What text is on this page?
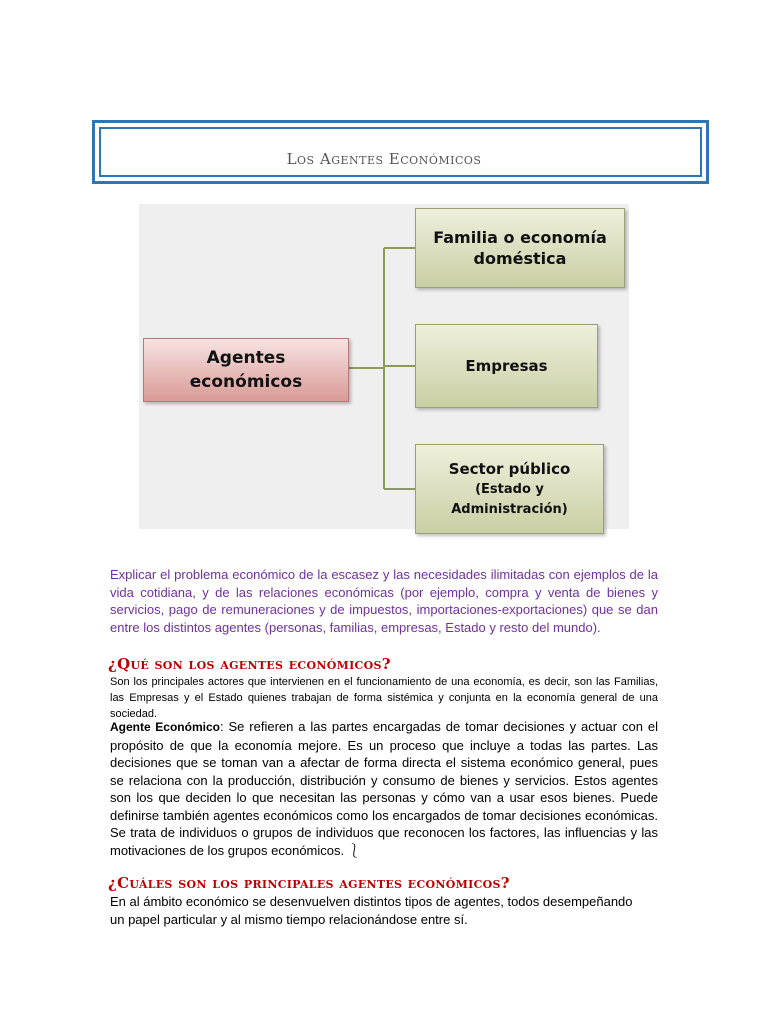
Los Agentes Económicos
Agentes
económicos
Familia o economía
doméstica
Empresas
Sector público
(Estado y
Administración)
Explicar el problema económico de la escasez y las necesidades ilimitadas con ejemplos de la vida cotidiana, y de las relaciones económicas (por ejemplo, compra y venta de bienes y servicios, pago de remuneraciones y de impuestos, importaciones-exportaciones) que se dan entre los distintos agentes (personas, familias, empresas, Estado y resto del mundo).
¿Qué son los agentes económicos?
Son los principales actores que intervienen en el funcionamiento de una economía, es decir, son las Familias, las Empresas y el Estado quienes trabajan de forma sistémica y conjunta en la economía general de una sociedad.
Agente Económico: Se refieren a las partes encargadas de tomar decisiones y actuar con el propósito de que la economía mejore. Es un proceso que incluye a todas las partes. Las decisiones que se toman van a afectar de forma directa el sistema económico general, pues se relaciona con la producción, distribución y consumo de bienes y servicios. Estos agentes son los que deciden lo que necesitan las personas y cómo van a usar esos bienes. Puede definirse también agentes económicos como los encargados de tomar decisiones económicas. Se trata de individuos o grupos de individuos que reconocen los factores, las influencias y las motivaciones de los grupos económicos. ⎱
¿Cuáles son los principales agentes económicos?
En al ámbito económico se desenvuelven distintos tipos de agentes, todos desempeñando un papel particular y al mismo tiempo relacionándose entre sí.
